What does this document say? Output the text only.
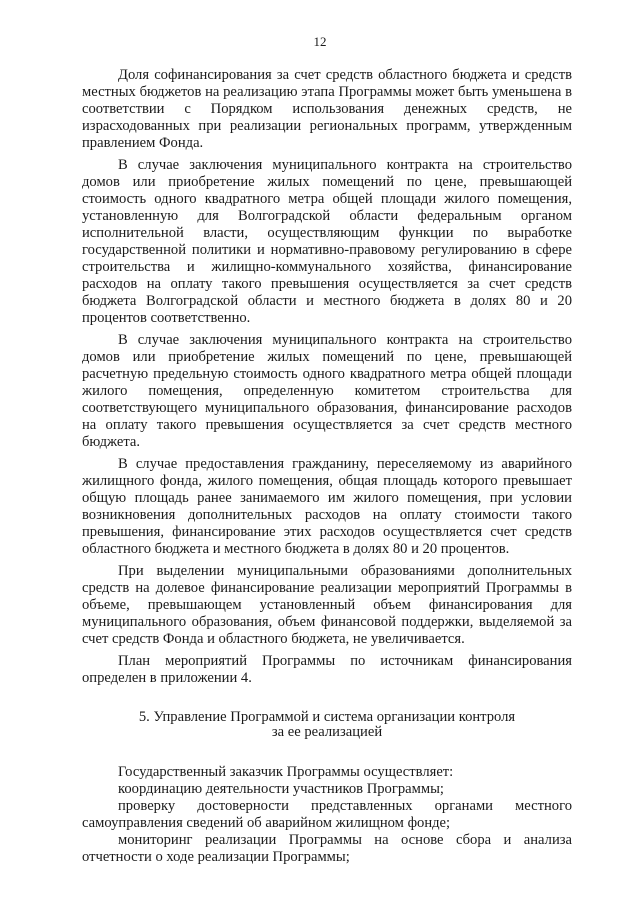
12

Доля софинансирования за счет средств областного бюджета и средств местных бюджетов на реализацию этапа Программы может быть уменьшена в соответствии с Порядком использования денежных средств, не израсходованных при реализации региональных программ, утвержденным правлением Фонда.

В случае заключения муниципального контракта на строительство домов или приобретение жилых помещений по цене, превышающей стоимость одного квадратного метра общей площади жилого помещения, установленную для Волгоградской области федеральным органом исполнительной власти, осуществляющим функции по выработке государственной политики и нормативно-правовому регулированию в сфере строительства и жилищно-коммунального хозяйства, финансирование расходов на оплату такого превышения осуществляется за счет средств бюджета Волгоградской области и местного бюджета в долях 80 и 20 процентов соответственно.

В случае заключения муниципального контракта на строительство домов или приобретение жилых помещений по цене, превышающей расчетную предельную стоимость одного квадратного метра общей площади жилого помещения, определенную комитетом строительства для соответствующего муниципального образования, финансирование расходов на оплату такого превышения осуществляется за счет средств местного бюджета.

В случае предоставления гражданину, переселяемому из аварийного жилищного фонда, жилого помещения, общая площадь которого превышает общую площадь ранее занимаемого им жилого помещения, при условии возникновения дополнительных расходов на оплату стоимости такого превышения, финансирование этих расходов осуществляется счет средств областного бюджета и местного бюджета в долях 80 и 20 процентов.

При выделении муниципальными образованиями дополнительных средств на долевое финансирование реализации мероприятий Программы в объеме, превышающем установленный объем финансирования для муниципального образования, объем финансовой поддержки, выделяемой за счет средств Фонда и областного бюджета, не увеличивается.

План мероприятий Программы по источникам финансирования определен в приложении 4.

5. Управление Программой и система организации контроля
за ее реализацией

Государственный заказчик Программы осуществляет:

координацию деятельности участников Программы;

проверку достоверности представленных органами местного самоуправления сведений об аварийном жилищном фонде;

мониторинг реализации Программы на основе сбора и анализа отчетности о ходе реализации Программы;
